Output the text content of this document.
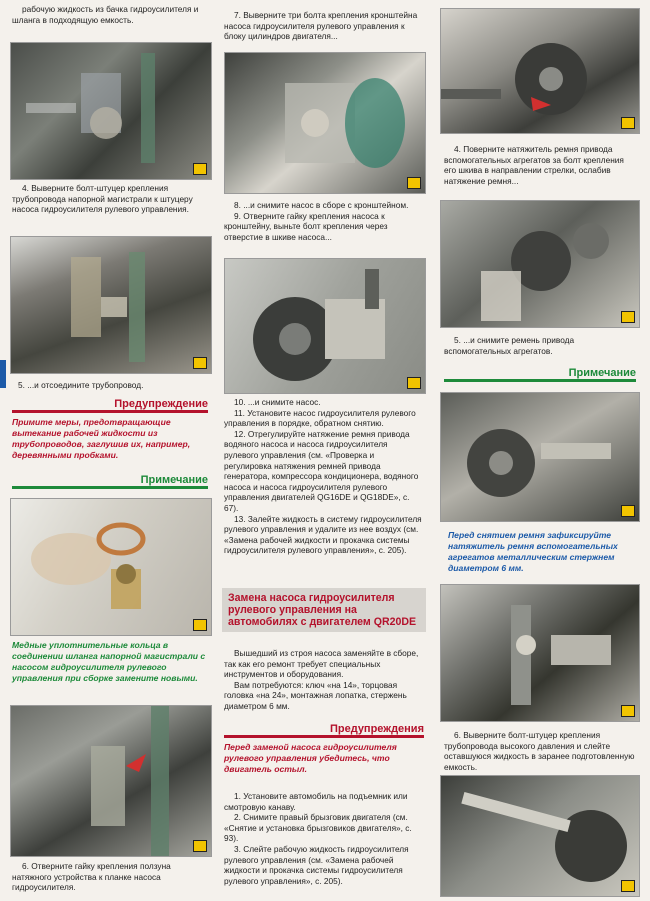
рабочую жидкость из бачка гидроусилителя и шланга в подходящую емкость.

4. Выверните болт-штуцер крепления трубопровода напорной магистрали к штуцеру насоса гидроусилителя рулевого управления.

5. ...и отсоедините трубопровод.
Предупреждение
Примите меры, предотвращающие вытекание рабочей жидкости из трубопроводов, заглушив их, например, деревянными пробками.
Примечание
Медные уплотнительные кольца в соединении шланга напорной магистрали с насосом гидроусилителя рулевого управления при сборке замените новыми.

6. Отверните гайку крепления ползуна натяжного устройства к планке насоса гидроусилителя.

7. Выверните три болта крепления кронштейна насоса гидроусилителя рулевого управления к блоку цилиндров двигателя...

8. ...и снимите насос в сборе с кронштейном.

9. Отверните гайку крепления насоса к кронштейну, выньте болт крепления через отверстие в шкиве насоса...

10. ...и снимите насос.

11. Установите насос гидроусилителя рулевого управления в порядке, обратном снятию.

12. Отрегулируйте натяжение ремня привода водяного насоса и насоса гидроусилителя рулевого управления (см. «Проверка и регулировка натяжения ремней привода генератора, компрессора кондиционера, водяного насоса и насоса гидроусилителя рулевого управления двигателей QG16DE и QG18DE», с. 67).

13. Залейте жидкость в систему гидроусилителя рулевого управления и удалите из нее воздух (см. «Замена рабочей жидкости и прокачка системы гидроусилителя рулевого управления», с. 205).

Замена насоса гидроусилителя рулевого управления на автомобилях с двигателем QR20DE

Вышедший из строя насоса заменяйте в сборе, так как его ремонт требует специальных инструментов и оборудования.

Вам потребуются: ключ «на 14», торцовая головка «на 24», монтажная лопатка, стержень диаметром 6 мм.

Предупреждения
Перед заменой насоса гидроусилителя рулевого управления убедитесь, что двигатель остыл.

1. Установите автомобиль на подъемник или смотровую канаву.

2. Снимите правый брызговик двигателя (см. «Снятие и установка брызговиков двигателя», с. 93).

3. Слейте рабочую жидкость гидроусилителя рулевого управления (см. «Замена рабочей жидкости и прокачка системы гидроусилителя рулевого управления», с. 205).

4. Поверните натяжитель ремня привода вспомогательных агрегатов за болт крепления его шкива в направлении стрелки, ослабив натяжение ремня...

5. ...и снимите ремень привода вспомогательных агрегатов.

Примечание
Перед снятием ремня зафиксируйте натяжитель ремня вспомогательных агрегатов металлическим стержнем диаметром 6 мм.

6. Выверните болт-штуцер крепления трубопровода высокого давления и слейте оставшуюся жидкость в заранее подготовленную емкость.
